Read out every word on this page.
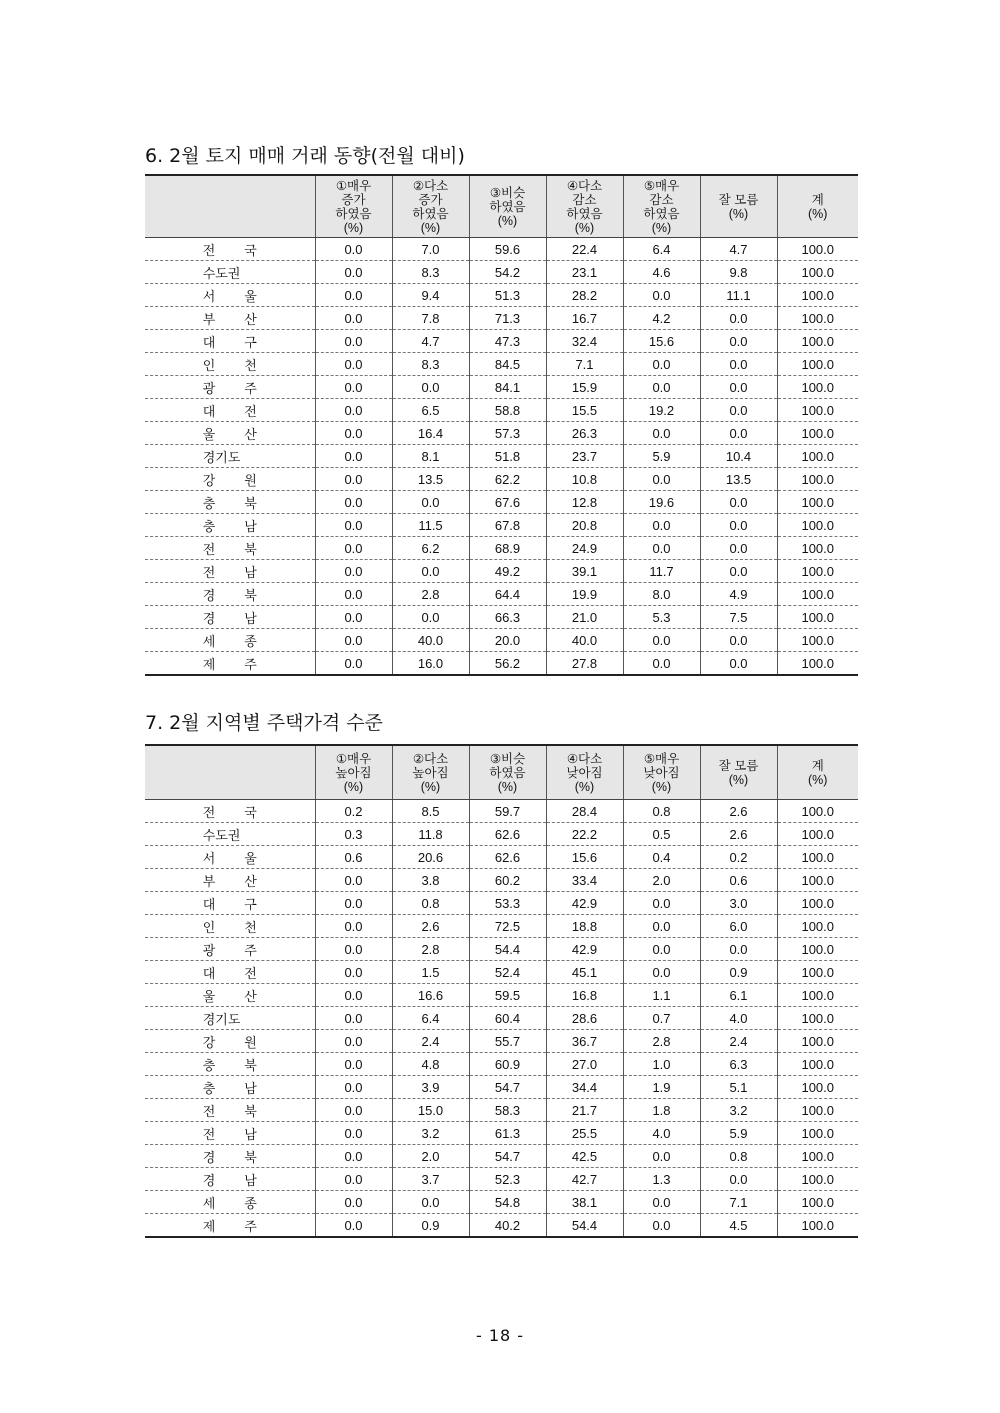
6. 2월 토지 매매 거래 동향(전월 대비)
	①매우
증가
하였음
(%)	②다소
증가
하였음
(%)	③비슷
하였음
(%)	④다소
감소
하였음
(%)	⑤매우
감소
하였음
(%)	잘 모름
(%)	계
(%)

전 국	0.0	7.0	59.6	22.4	6.4	4.7	100.0

수도권	0.0	8.3	54.2	23.1	4.6	9.8	100.0

서 울	0.0	9.4	51.3	28.2	0.0	11.1	100.0

부 산	0.0	7.8	71.3	16.7	4.2	0.0	100.0

대 구	0.0	4.7	47.3	32.4	15.6	0.0	100.0

인 천	0.0	8.3	84.5	7.1	0.0	0.0	100.0

광 주	0.0	0.0	84.1	15.9	0.0	0.0	100.0

대 전	0.0	6.5	58.8	15.5	19.2	0.0	100.0

울 산	0.0	16.4	57.3	26.3	0.0	0.0	100.0

경기도	0.0	8.1	51.8	23.7	5.9	10.4	100.0

강 원	0.0	13.5	62.2	10.8	0.0	13.5	100.0

충 북	0.0	0.0	67.6	12.8	19.6	0.0	100.0

충 남	0.0	11.5	67.8	20.8	0.0	0.0	100.0

전 북	0.0	6.2	68.9	24.9	0.0	0.0	100.0

전 남	0.0	0.0	49.2	39.1	11.7	0.0	100.0

경 북	0.0	2.8	64.4	19.9	8.0	4.9	100.0

경 남	0.0	0.0	66.3	21.0	5.3	7.5	100.0

세 종	0.0	40.0	20.0	40.0	0.0	0.0	100.0

제 주	0.0	16.0	56.2	27.8	0.0	0.0	100.0
7. 2월 지역별 주택가격 수준
	①매우
높아짐
(%)	②다소
높아짐
(%)	③비슷
하였음
(%)	④다소
낮아짐
(%)	⑤매우
낮아짐
(%)	잘 모름
(%)	계
(%)

전 국	0.2	8.5	59.7	28.4	0.8	2.6	100.0

수도권	0.3	11.8	62.6	22.2	0.5	2.6	100.0

서 울	0.6	20.6	62.6	15.6	0.4	0.2	100.0

부 산	0.0	3.8	60.2	33.4	2.0	0.6	100.0

대 구	0.0	0.8	53.3	42.9	0.0	3.0	100.0

인 천	0.0	2.6	72.5	18.8	0.0	6.0	100.0

광 주	0.0	2.8	54.4	42.9	0.0	0.0	100.0

대 전	0.0	1.5	52.4	45.1	0.0	0.9	100.0

울 산	0.0	16.6	59.5	16.8	1.1	6.1	100.0

경기도	0.0	6.4	60.4	28.6	0.7	4.0	100.0

강 원	0.0	2.4	55.7	36.7	2.8	2.4	100.0

충 북	0.0	4.8	60.9	27.0	1.0	6.3	100.0

충 남	0.0	3.9	54.7	34.4	1.9	5.1	100.0

전 북	0.0	15.0	58.3	21.7	1.8	3.2	100.0

전 남	0.0	3.2	61.3	25.5	4.0	5.9	100.0

경 북	0.0	2.0	54.7	42.5	0.0	0.8	100.0

경 남	0.0	3.7	52.3	42.7	1.3	0.0	100.0

세 종	0.0	0.0	54.8	38.1	0.0	7.1	100.0

제 주	0.0	0.9	40.2	54.4	0.0	4.5	100.0
- 18 -
